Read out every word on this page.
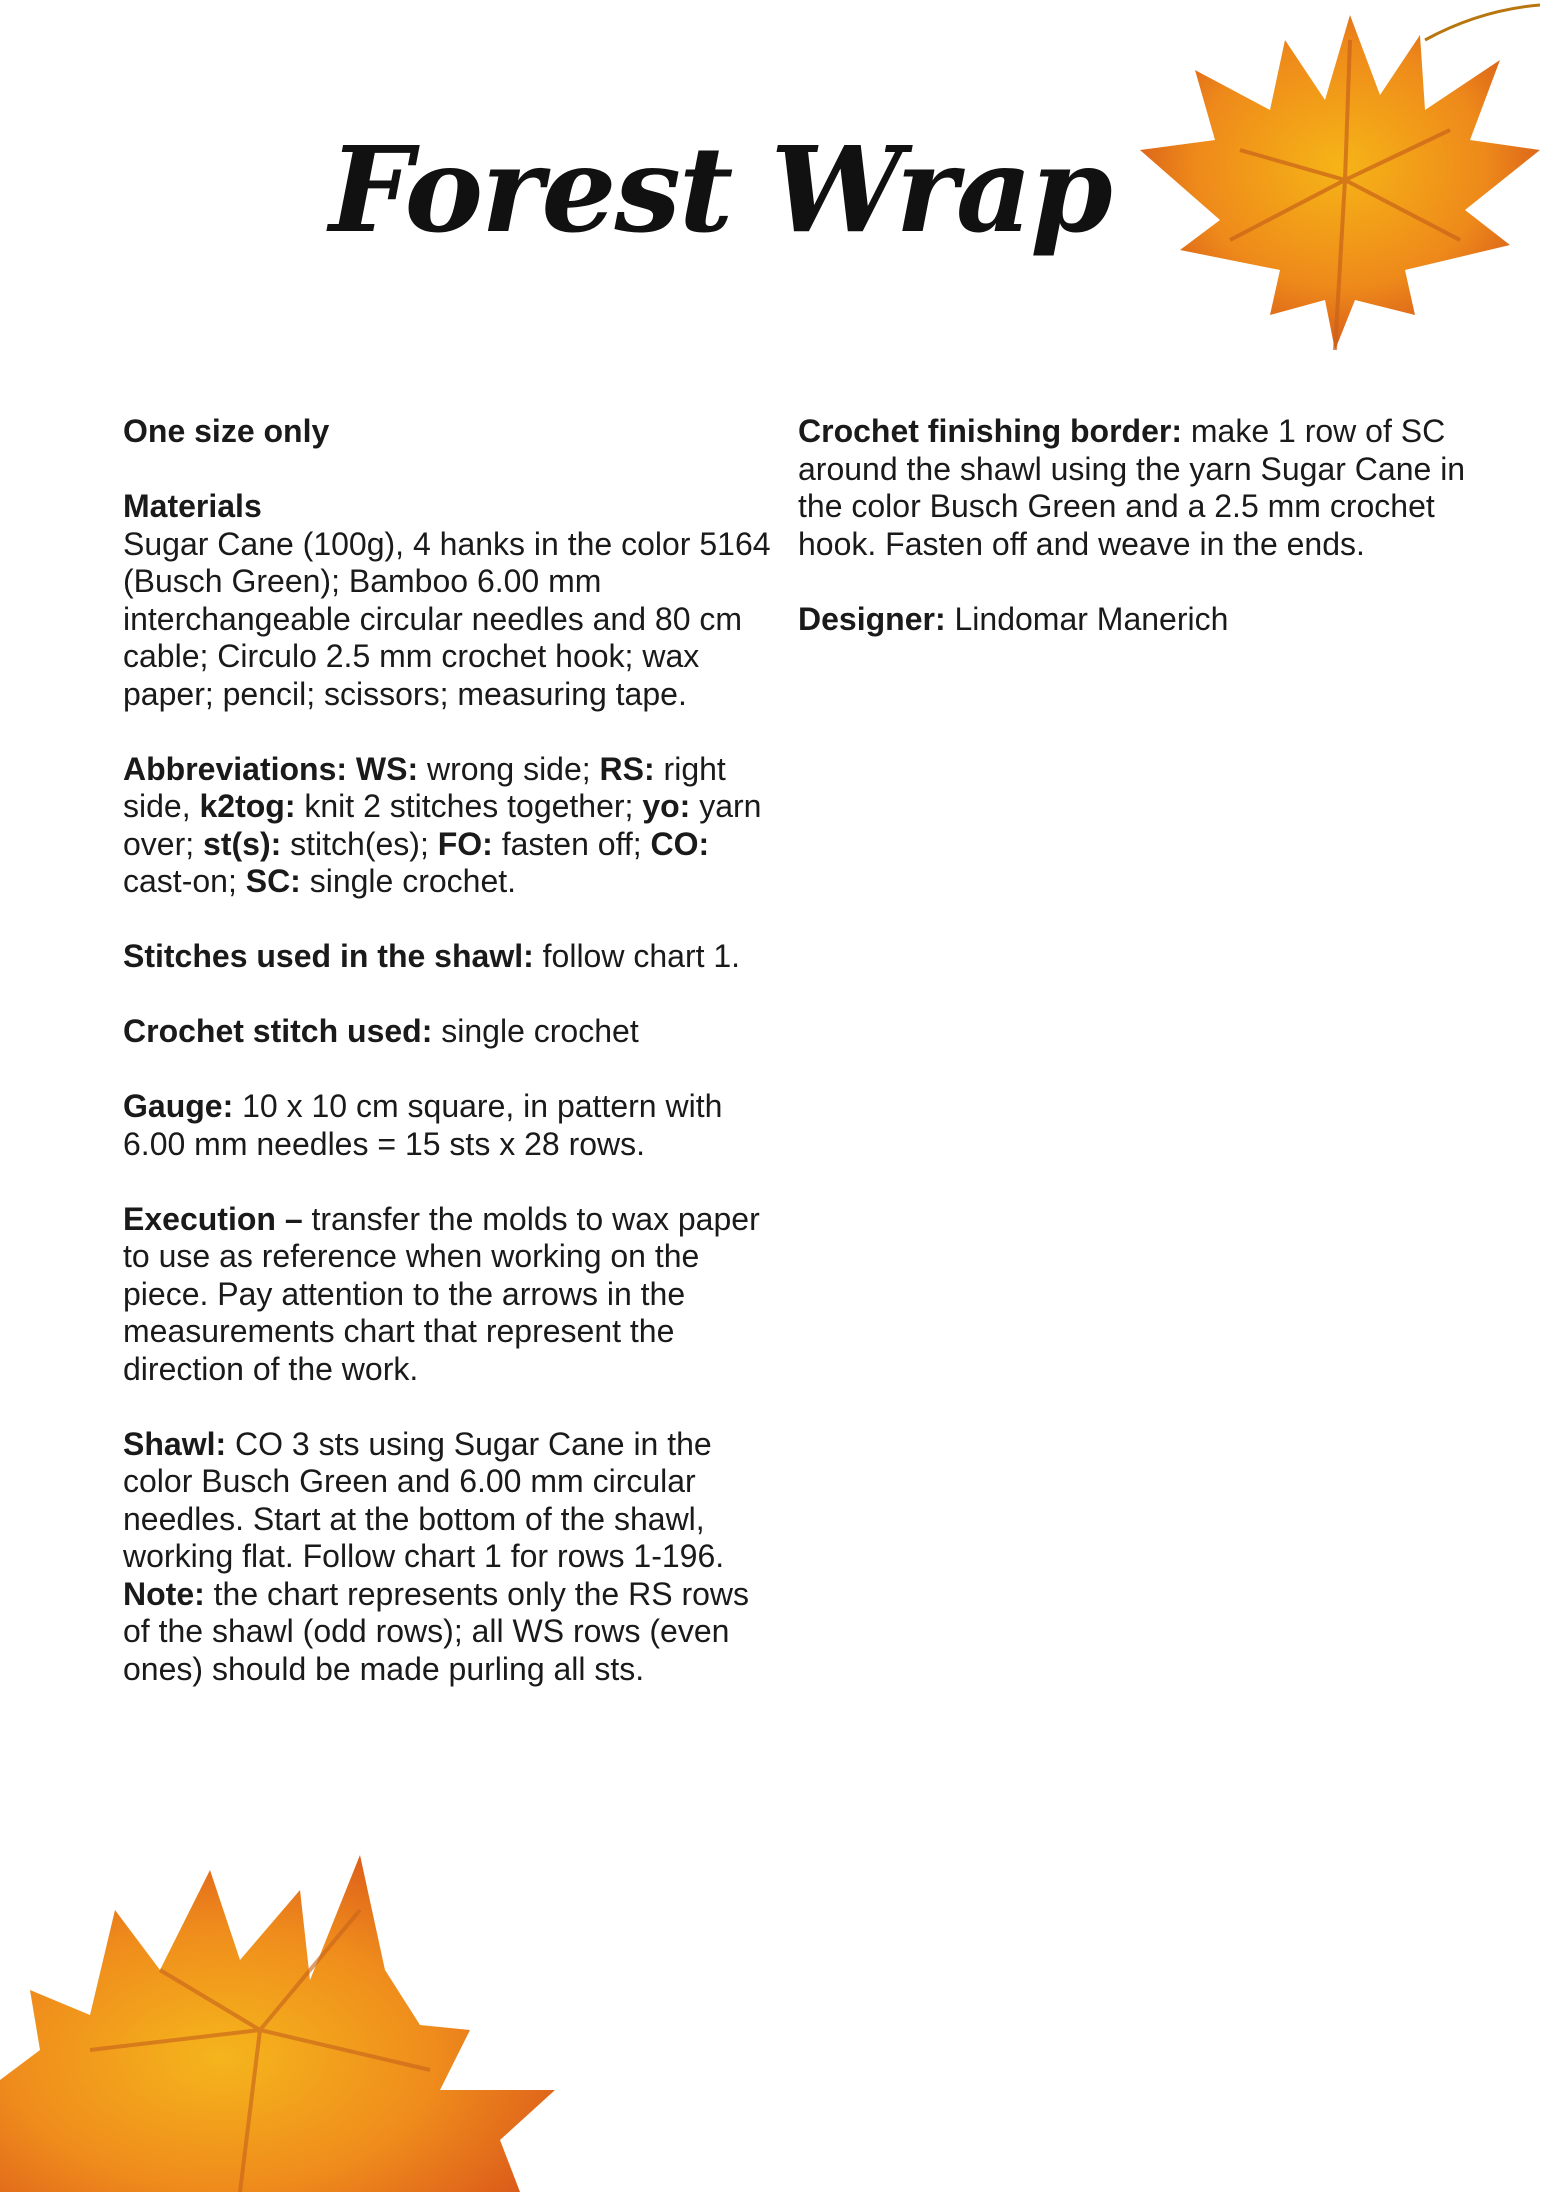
Forest Wrap

One size only

Materials
Sugar Cane (100g), 4 hanks in the color 5164 (Busch Green); Bamboo 6.00 mm interchangeable circular needles and 80 cm cable; Circulo 2.5 mm crochet hook; wax paper; pencil; scissors; measuring tape.

Abbreviations: WS: wrong side; RS: right side, k2tog: knit 2 stitches together; yo: yarn over; st(s): stitch(es); FO: fasten off; CO: cast-on; SC: single crochet.

Stitches used in the shawl: follow chart 1.

Crochet stitch used: single crochet

Gauge: 10 x 10 cm square, in pattern with 6.00 mm needles = 15 sts x 28 rows.

Execution – transfer the molds to wax paper to use as reference when working on the piece. Pay attention to the arrows in the measurements chart that represent the direction of the work.

Shawl: CO 3 sts using Sugar Cane in the color Busch Green and 6.00 mm circular needles. Start at the bottom of the shawl, working flat. Follow chart 1 for rows 1-196. Note: the chart represents only the RS rows of the shawl (odd rows); all WS rows (even ones) should be made purling all sts.

Crochet finishing border: make 1 row of SC around the shawl using the yarn Sugar Cane in the color Busch Green and a 2.5 mm crochet hook. Fasten off and weave in the ends.

Designer: Lindomar Manerich
